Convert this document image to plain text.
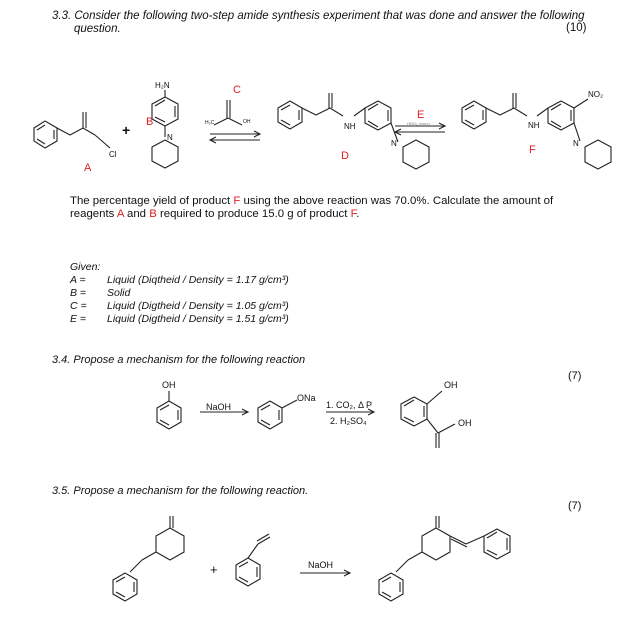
3.3. Consider the following two-step amide synthesis experiment that was done and answer the following
question.	(10)
A
Cl
+ B
H₂N
N
C
H₃C	OH	NH
N
D
E
HNO₃ (conc)	NH
N
NO₂
F
The percentage yield of product F using the above reaction was 70.0%. Calculate the amount of
reagents A and B required to produce 15.0 g of product F.
Given:
A = Liquid (Diqtheid / Density = 1.17 g/cm³)
B = Solid
C = Liquid (Digtheid / Density = 1.05 g/cm³)
E = Liquid (Digtheid / Density = 1.51 g/cm³)
3.4. Propose a mechanism for the following reaction
(7)
OH
NaOH
ONa
1. CO₂, Δ P
2. H₂SO₄
OH
OH
3.5. Propose a mechanism for the following reaction.
(7)
+	NaOH
